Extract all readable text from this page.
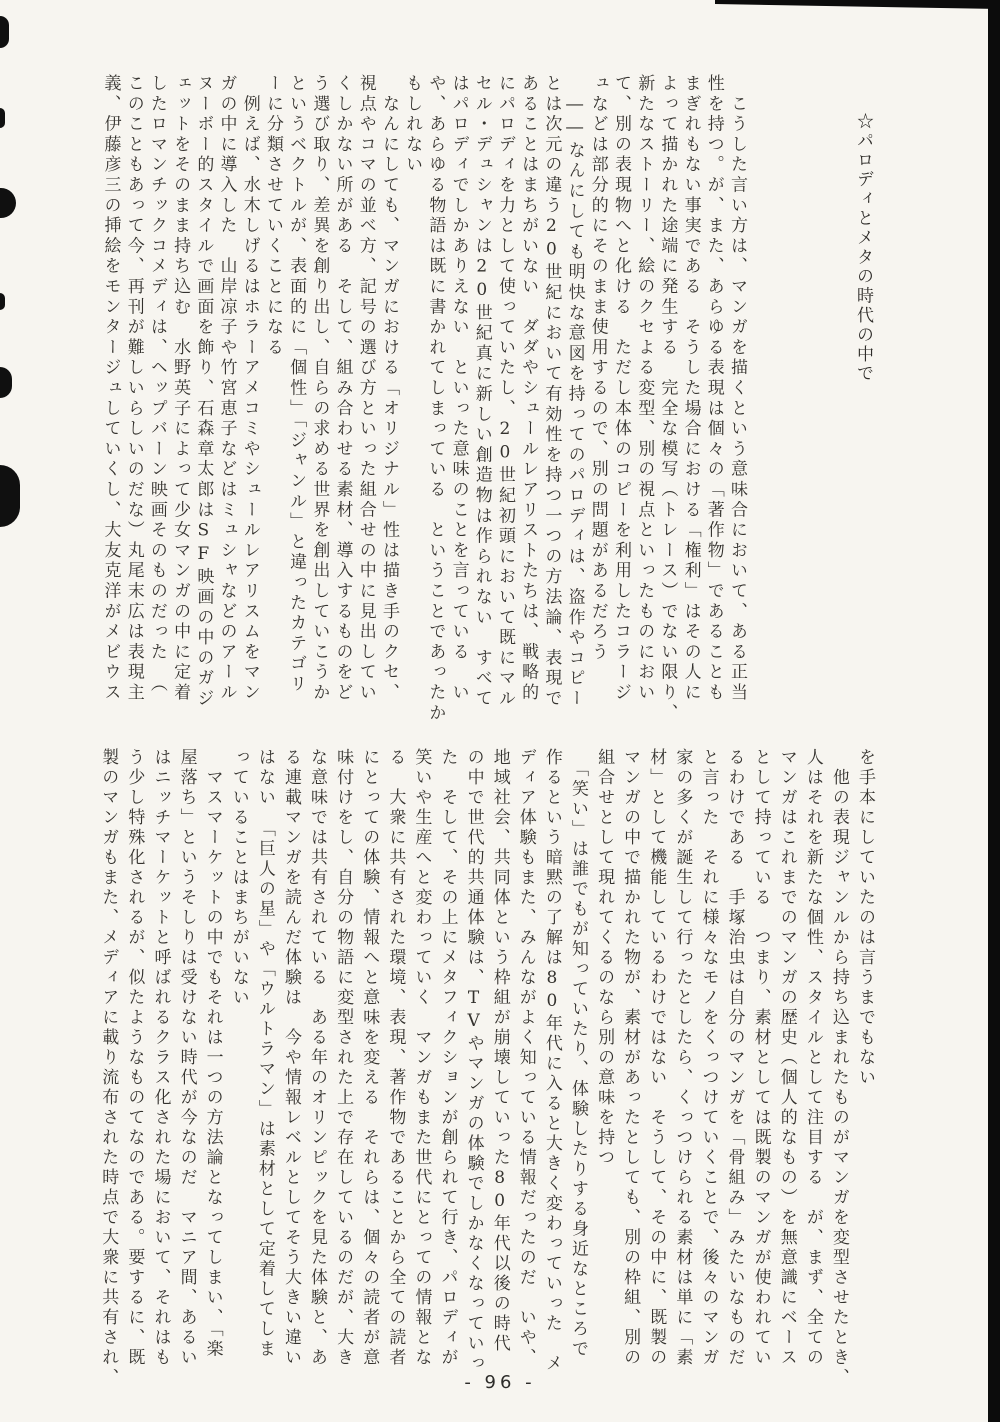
☆パロディとメタの時代の中で
　こうした言い方は、マンガを描くという意味合において、ある正当
性を持つ。が、また、あらゆる表現は個々の「著作物」であることも
まぎれもない事実である　そうした場合における「権利」はその人に
よって描かれた途端に発生する　完全な模写（トレース）でない限り、
新たなストーリー、絵のクセよる変型、別の視点といったものにおい
て、別の表現物へと化ける　ただし本体のコピーを利用したコラージ
ュなどは部分的にそのまま使用するので、別の問題があるだろう
　――なんにしても明快な意図を持ってのパロディは、盗作やコピー
とは次元の違う20世紀において有効性を持つ一つの方法論、表現で
あることはまちがいない　ダダやシュールレアリストたちは、戦略的
にパロディを力として使っていたし、20世紀初頭において既にマル
セル・デュシャンは20世紀真に新しい創造物は作られない　すべて
はパロディでしかありえない　といった意味のことを言っている　い
や、あらゆる物語は既に書かれてしまっている　ということであったか
もしれない
　なんにしても、マンガにおける「オリジナル」性は描き手のクセ、
視点やコマの並べ方、記号の選び方といった組合せの中に見出してい
くしかない所がある　そして、組み合わせる素材、導入するものをど
う選び取り、差異を創り出し、自らの求める世界を創出していこうか
というベクトルが、表面的に「個性」「ジャンル」と違ったカテゴリ
ーに分類させていくことになる
　例えば、水木しげるはホラーアメコミやシュールレアリスムをマン
ガの中に導入した　山岸凉子や竹宮恵子などはミュシャなどのアール
ヌーボー的スタイルで画面を飾り、石森章太郎はSF映画の中のガジ
ェットをそのまま持ち込む　水野英子によって少女マンガの中に定着
したロマンチックコメディは、ヘップバーン映画そのものだった　（
このこともあって今、再刊が難しいらしいのだな）丸尾末広は表現主
義、伊藤彦三の挿絵をモンタージュしていくし、大友克洋がメビウス
を手本にしていたのは言うまでもない
　他の表現ジャンルから持ち込まれたものがマンガを変型させたとき、
人はそれを新たな個性、スタイルとして注目する　が、まず、全ての
マンガはこれまでのマンガの歴史（個人的なもの）を無意識にベース
として持っている　つまり、素材としては既製のマンガが使われてい
るわけである　手塚治虫は自分のマンガを「骨組み」みたいなものだ
と言った　それに様々なモノをくっつけていくことで、後々のマンガ
家の多くが誕生して行ったとしたら、くっつけられる素材は単に「素
材」として機能しているわけではない　そうして、その中に、既製の
マンガの中で描かれた物が、素材があったとしても、別の枠組、別の
組合せとして現れてくるのなら別の意味を持つ
　「笑い」は誰でもが知っていたり、体験したりする身近なところで
作るという暗黙の了解は80年代に入ると大きく変わっていった　メ
ディア体験もまた、みんながよく知っている情報だったのだ　いや、
地域社会、共同体という枠組が崩壊していった80年代以後の時代
の中で世代的共通体験は、TVやマンガの体験でしかなくなっていっ
た　そして、その上にメタフィクションが創られて行き、パロディが
笑いや生産へと変わっていく　マンガもまた世代にとっての情報とな
る　大衆に共有された環境、表現、著作物であることから全ての読者
にとっての体験、情報へと意味を変える　それらは、個々の読者が意
味付けをし、自分の物語に変型された上で存在しているのだが、大き
な意味では共有されている　ある年のオリンピックを見た体験と、あ
る連載マンガを読んだ体験は　今や情報レベルとしてそう大きい違い
はない　「巨人の星」や「ウルトラマン」は素材として定着してしま
っていることはまちがいない
　マスマーケットの中でもそれは一つの方法論となってしまい、「楽
屋落ち」というそしりは受けない時代が今なのだ　マニア間、あるい
はニッチマーケットと呼ばれるクラス化された場において、それはも
う少し特殊化されるが、似たようなものてなのである。要するに、既
製のマンガもまた、メディアに載り流布された時点で大衆に共有され、	- 96 -
